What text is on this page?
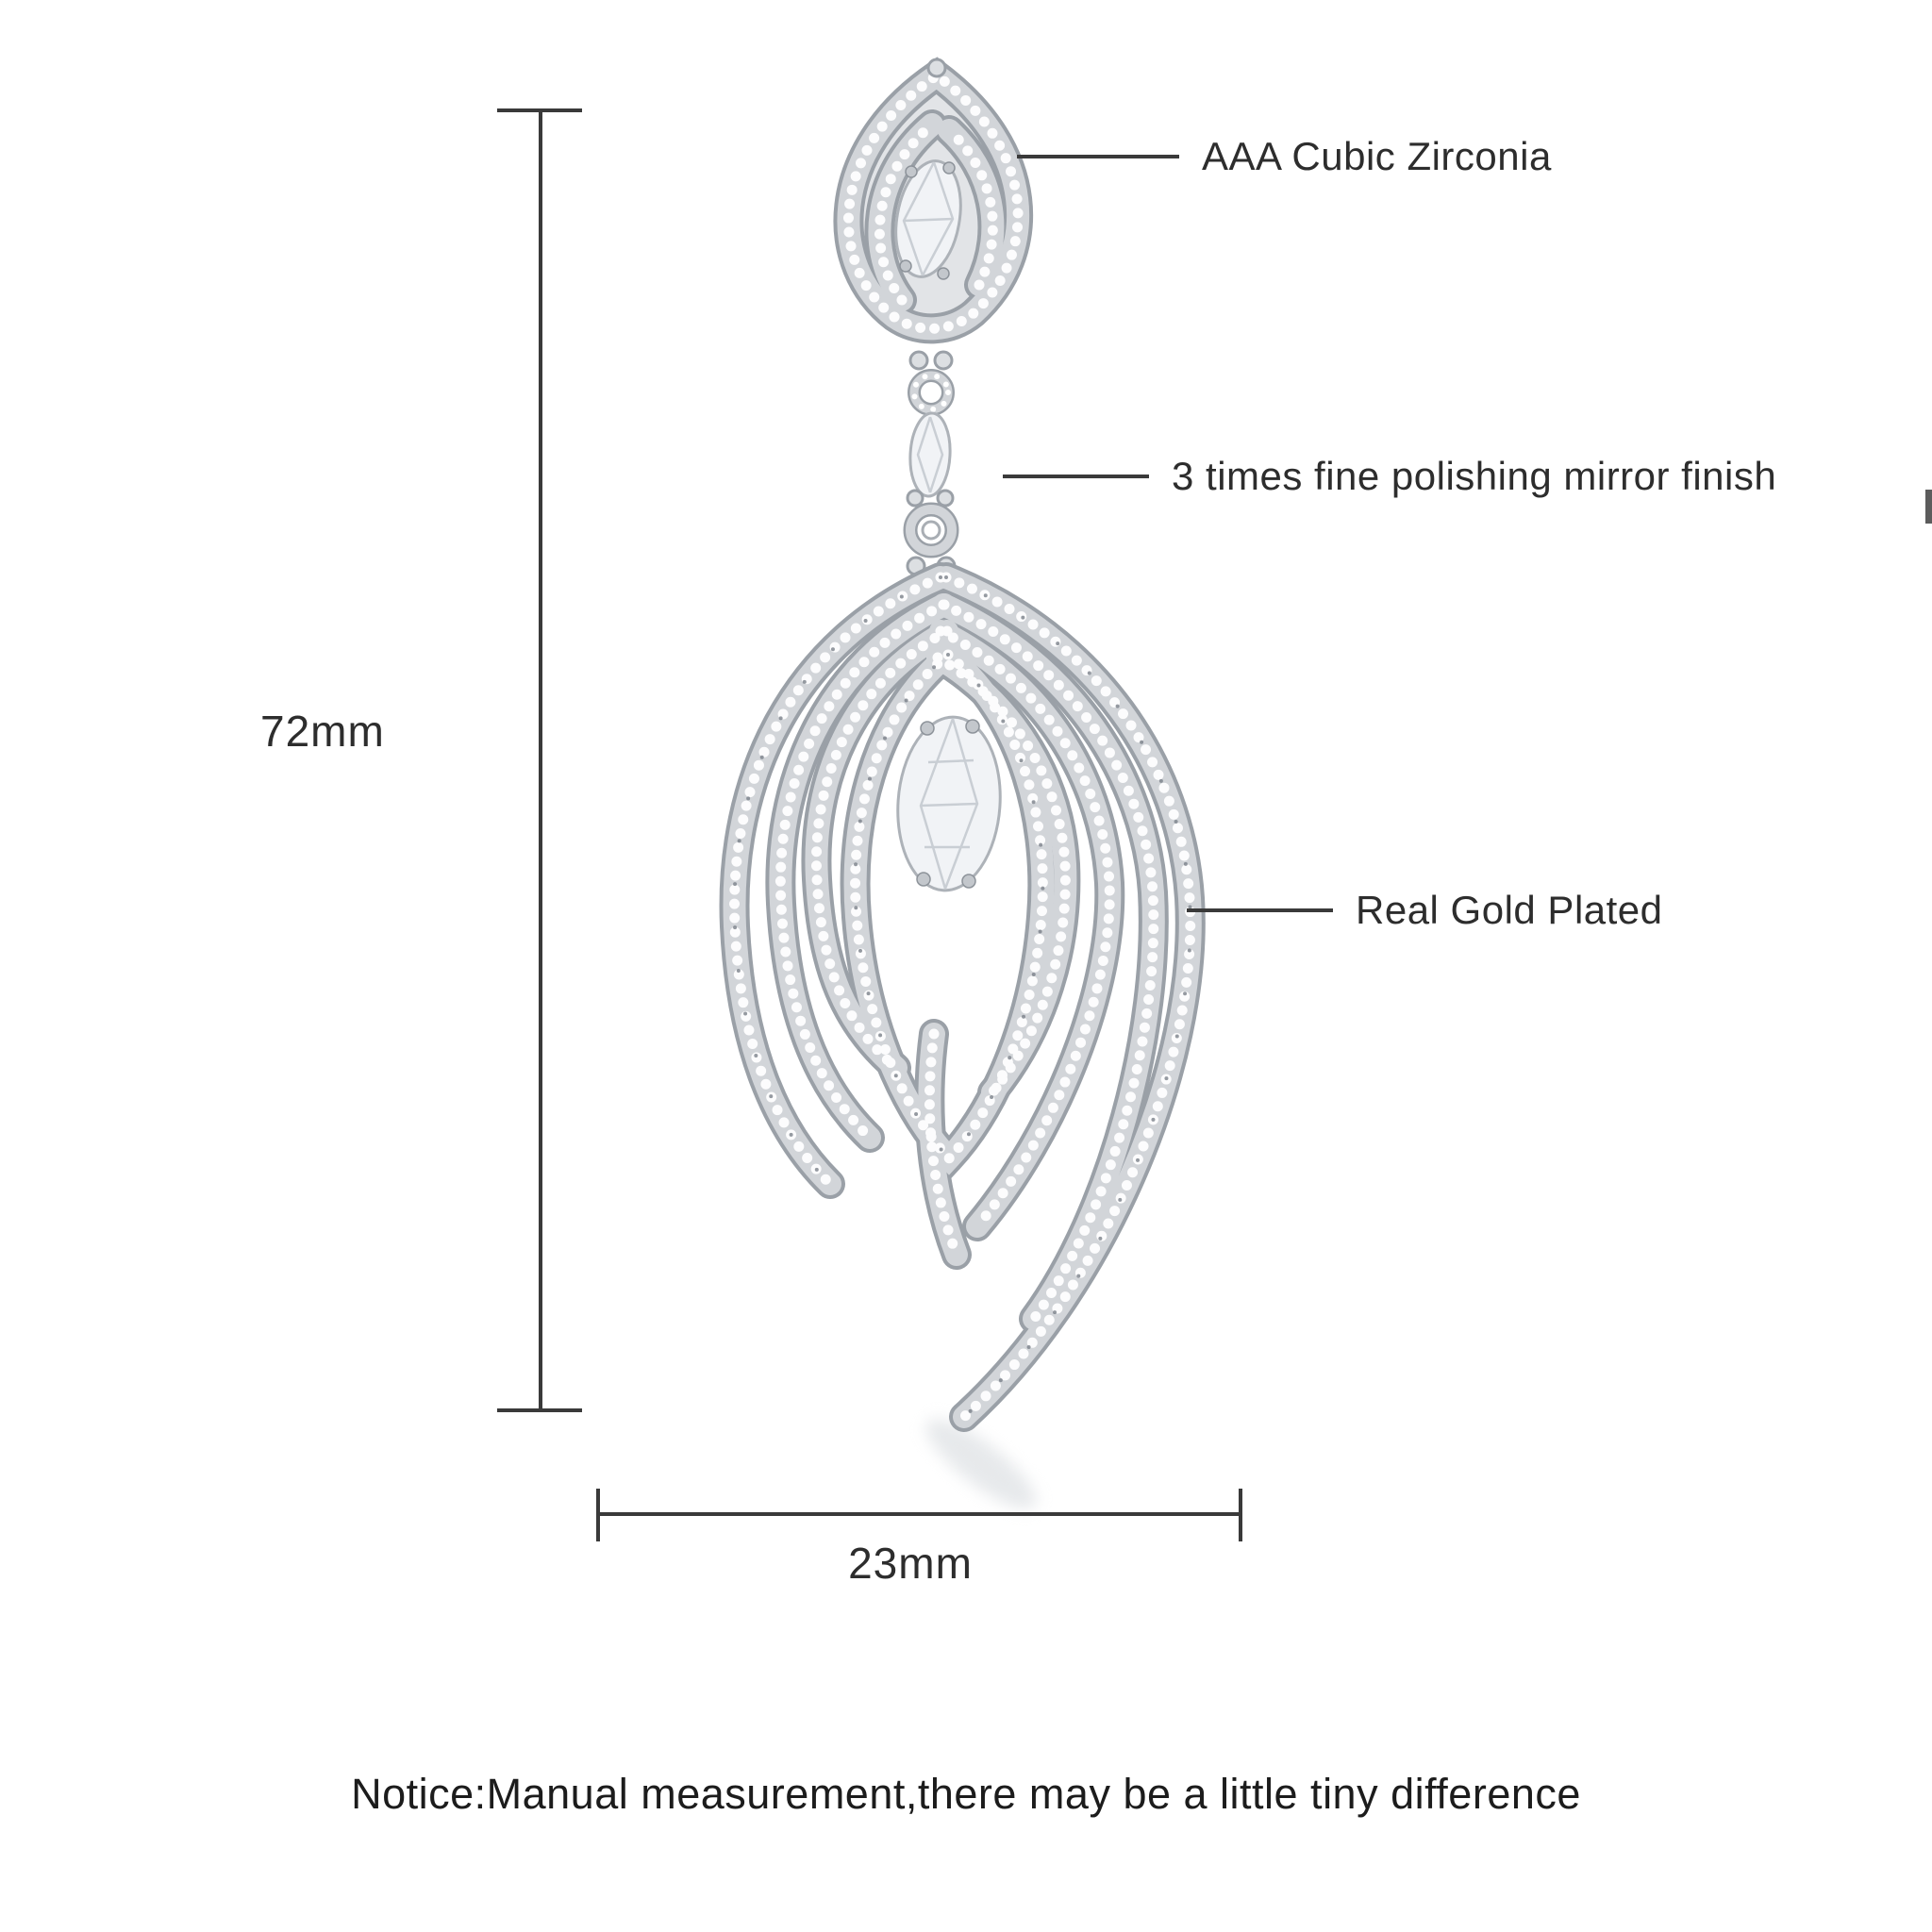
AAA Cubic Zirconia
3 times fine polishing mirror finish
Real Gold Plated
72mm
23mm
Notice:Manual measurement,there may be a little tiny difference
